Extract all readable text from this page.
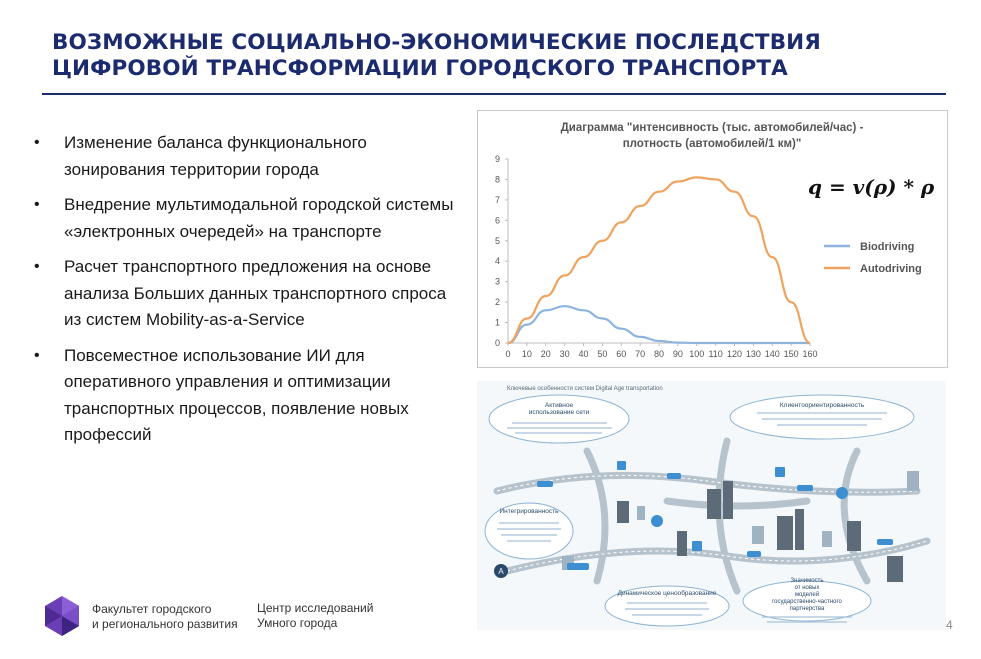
ВОЗМОЖНЫЕ СОЦИАЛЬНО-ЭКОНОМИЧЕСКИЕ ПОСЛЕДСТВИЯ
ЦИФРОВОЙ ТРАНСФОРМАЦИИ ГОРОДСКОГО ТРАНСПОРТА
• Изменение баланса функционального зонирования территории города
• Внедрение мультимодальной городской системы «электронных очередей» на транспорте
• Расчет транспортного предложения на основе анализа Больших данных транспортного спроса из систем Mobility-as-a-Service
• Повсеместное использование ИИ для оперативного управления и оптимизации транспортных процессов, появление новых профессий
Диаграмма "интенсивность (тыс. автомобилей/час) -
плотность (автомобилей/1 км)"
0
1
2
3
4
5
6
7
8
9
0 10 20 30 40 50 60 70 80 90 100 110 120 130 140 150 160
Biodriving
Autodriving
q = v(ρ) * ρ
Ключевые особенности систем Digital Age transportation
Активное
использование сети
Клиентоориентированность
Интегрированность
Динамическое ценообразование
Значимость
от новых
моделей
государственно-частного
партнерства
A
Факультет городского
и регионального развития
Центр исследований
Умного города	4
